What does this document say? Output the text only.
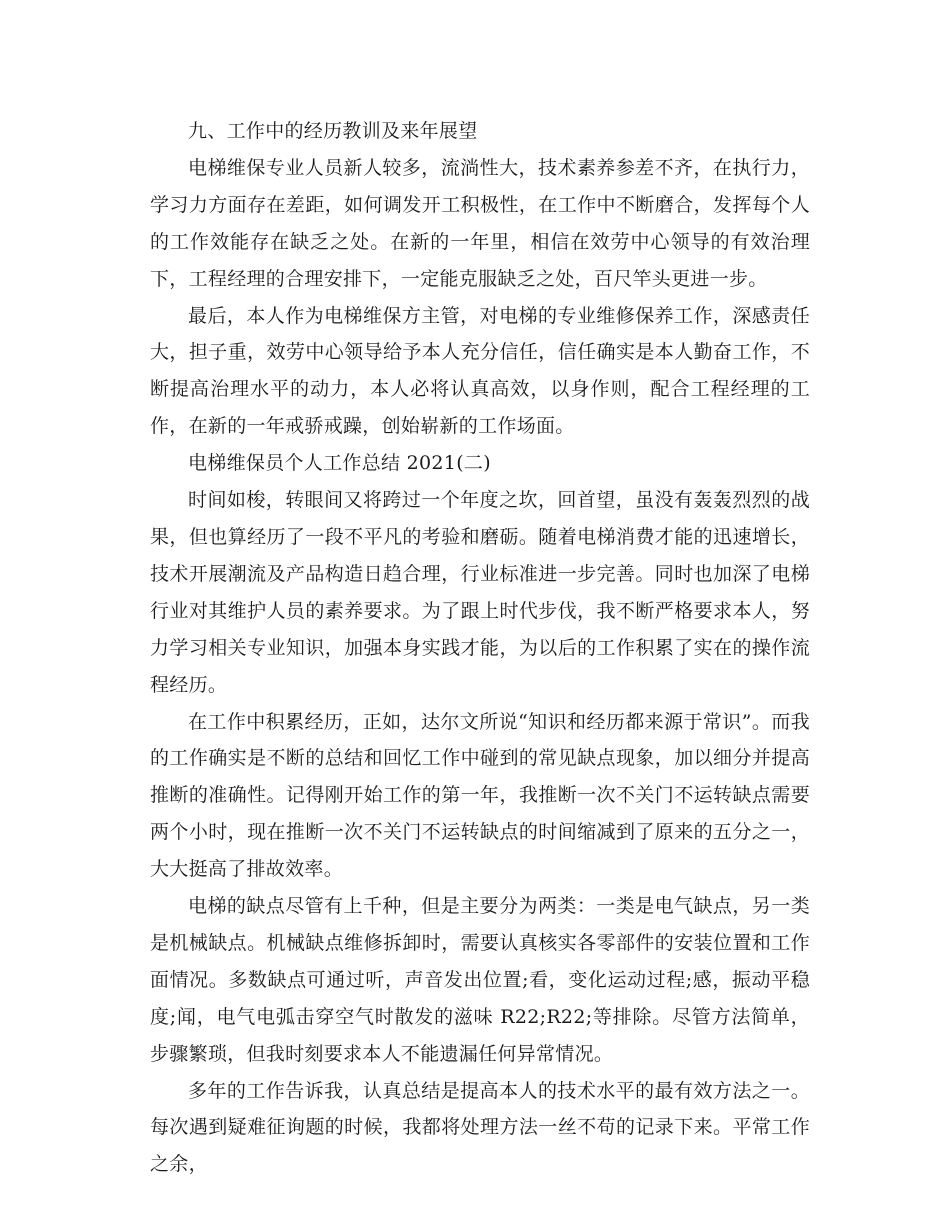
九、工作中的经历教训及来年展望

电梯维保专业人员新人较多，流淌性大，技术素养参差不齐，在执行力，学习力方面存在差距，如何调发开工积极性，在工作中不断磨合，发挥每个人的工作效能存在缺乏之处。在新的一年里，相信在效劳中心领导的有效治理下，工程经理的合理安排下，一定能克服缺乏之处，百尺竿头更进一步。

最后，本人作为电梯维保方主管，对电梯的专业维修保养工作，深感责任大，担子重，效劳中心领导给予本人充分信任，信任确实是本人勤奋工作，不断提高治理水平的动力，本人必将认真高效，以身作则，配合工程经理的工作，在新的一年戒骄戒躁，创始崭新的工作场面。

电梯维保员个人工作总结 2021(二)

时间如梭，转眼间又将跨过一个年度之坎，回首望，虽没有轰轰烈烈的战果，但也算经历了一段不平凡的考验和磨砺。随着电梯消费才能的迅速增长，技术开展潮流及产品构造日趋合理，行业标准进一步完善。同时也加深了电梯行业对其维护人员的素养要求。为了跟上时代步伐，我不断严格要求本人，努力学习相关专业知识，加强本身实践才能，为以后的工作积累了实在的操作流程经历。

在工作中积累经历，正如，达尔文所说“知识和经历都来源于常识”。而我的工作确实是不断的总结和回忆工作中碰到的常见缺点现象，加以细分并提高推断的准确性。记得刚开始工作的第一年，我推断一次不关门不运转缺点需要两个小时，现在推断一次不关门不运转缺点的时间缩减到了原来的五分之一，大大挺高了排故效率。

电梯的缺点尽管有上千种，但是主要分为两类：一类是电气缺点，另一类是机械缺点。机械缺点维修拆卸时，需要认真核实各零部件的安装位置和工作面情况。多数缺点可通过听，声音发出位置;看，变化运动过程;感，振动平稳度;闻，电气电弧击穿空气时散发的滋味 R22;R22;等排除。尽管方法简单，步骤繁琐，但我时刻要求本人不能遗漏任何异常情况。

多年的工作告诉我，认真总结是提高本人的技术水平的最有效方法之一。每次遇到疑难征询题的时候，我都将处理方法一丝不苟的记录下来。平常工作之余，
